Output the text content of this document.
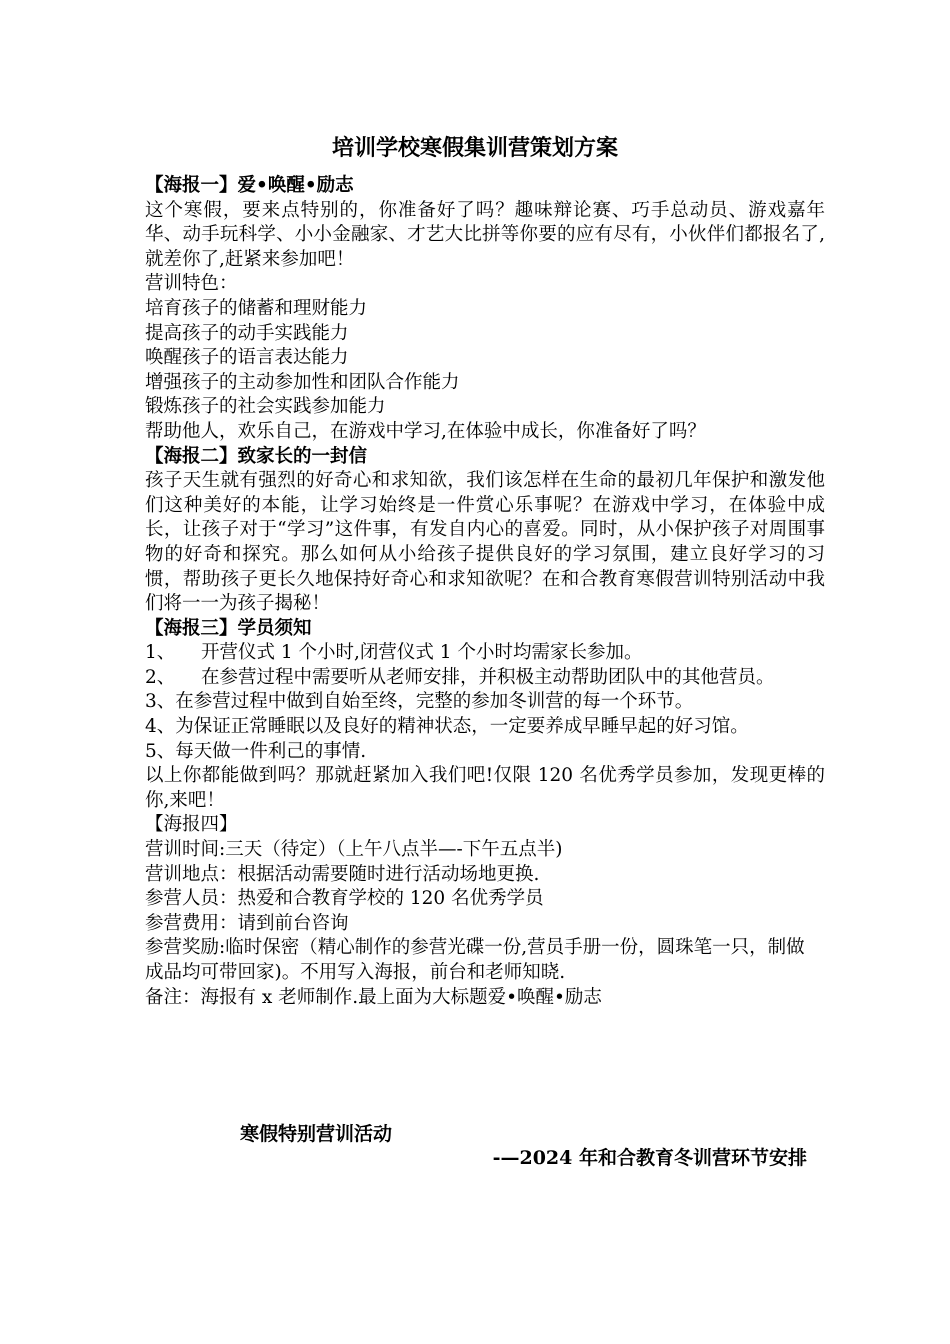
培训学校寒假集训营策划方案

【海报一】爱•唤醒•励志

这个寒假，要来点特别的，你准备好了吗？趣味辩论赛、巧手总动员、游戏嘉年华、动手玩科学、小小金融家、才艺大比拼等你要的应有尽有，小伙伴们都报名了,就差你了,赶紧来参加吧！

营训特色：

培育孩子的储蓄和理财能力

提高孩子的动手实践能力

唤醒孩子的语言表达能力

增强孩子的主动参加性和团队合作能力

锻炼孩子的社会实践参加能力

帮助他人，欢乐自己，在游戏中学习,在体验中成长，你准备好了吗？

【海报二】致家长的一封信

孩子天生就有强烈的好奇心和求知欲，我们该怎样在生命的最初几年保护和激发他们这种美好的本能，让学习始终是一件赏心乐事呢？在游戏中学习，在体验中成长，让孩子对于“学习”这件事，有发自内心的喜爱。同时，从小保护孩子对周围事物的好奇和探究。那么如何从小给孩子提供良好的学习氛围，建立良好学习的习惯，帮助孩子更长久地保持好奇心和求知欲呢？在和合教育寒假营训特别活动中我们将一一为孩子揭秘！

【海报三】学员须知

1、	开营仪式 1 个小时,闭营仪式 1 个小时均需家长参加。
2、	在参营过程中需要听从老师安排，并积极主动帮助团队中的其他营员。

3、在参营过程中做到自始至终，完整的参加冬训营的每一个环节。

4、为保证正常睡眠以及良好的精神状态，一定要养成早睡早起的好习馆。

5、每天做一件利己的事情.

以上你都能做到吗？那就赶紧加入我们吧!仅限 120 名优秀学员参加，发现更棒的你,来吧！

【海报四】

营训时间:三天（待定）（上午八点半—-下午五点半)

营训地点：根据活动需要随时进行活动场地更换.

参营人员：热爱和合教育学校的 120 名优秀学员

参营费用：请到前台咨询

参营奖励:临时保密（精心制作的参营光碟一份,营员手册一份，圆珠笔一只，制做

成品均可带回家)。不用写入海报，前台和老师知晓.

备注：海报有 x 老师制作.最上面为大标题爱•唤醒•励志

寒假特别营训活动
-—2024 年和合教育冬训营环节安排
